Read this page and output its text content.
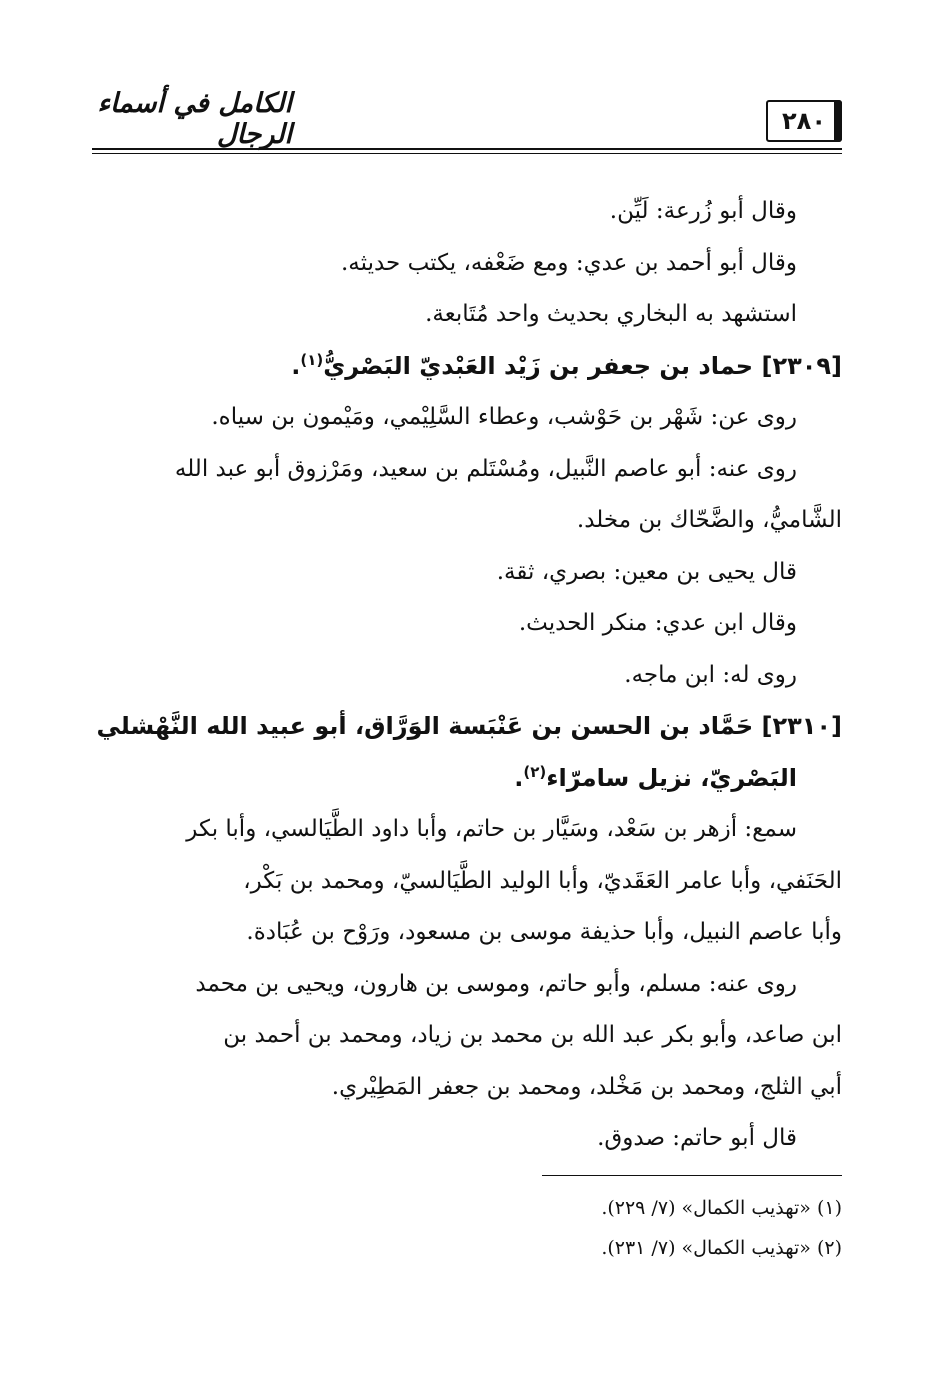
الكامل في أسماء الرجال	٢٨٠
وقال أبو زُرعة: لَيِّن.
وقال أبو أحمد بن عدي: ومع ضَعْفه، يكتب حديثه.
استشهد به البخاري بحديث واحد مُتَابعة.
[٢٣٠٩] حماد بن جعفر بن زَيْد العَبْديّ البَصْريُّ$^{(١)}$.
روى عن: شَهْر بن حَوْشب، وعطاء السَّلِيْمي، ومَيْمون بن سياه.
روى عنه: أبو عاصم النَّبيل، ومُسْتَلم بن سعيد، ومَرْزوق أبو عبد الله
الشَّاميُّ، والضَّحّاك بن مخلد.
قال يحيى بن معين: بصري، ثقة.
وقال ابن عدي: منكر الحديث.
روى له: ابن ماجه.
[٢٣١٠] حَمَّاد بن الحسن بن عَنْبَسة الوَرَّاق، أبو عبيد الله النَّهْشلي
البَصْريّ، نزيل سامرّاء$^{(٢)}$.
سمع: أزهر بن سَعْد، وسَيَّار بن حاتم، وأبا داود الطَّيَالسي، وأبا بكر
الحَنَفي، وأبا عامر العَقَديّ، وأبا الوليد الطَّيَالسيّ، ومحمد بن بَكْر،
وأبا عاصم النبيل، وأبا حذيفة موسى بن مسعود، ورَوْح بن عُبَادة.
روى عنه: مسلم، وأبو حاتم، وموسى بن هارون، ويحيى بن محمد
ابن صاعد، وأبو بكر عبد الله بن محمد بن زياد، ومحمد بن أحمد بن
أبي الثلج، ومحمد بن مَخْلد، ومحمد بن جعفر المَطِيْري.
قال أبو حاتم: صدوق.
(١) «تهذيب الكمال» (٧/ ٢٢٩).
(٢) «تهذيب الكمال» (٧/ ٢٣١).
